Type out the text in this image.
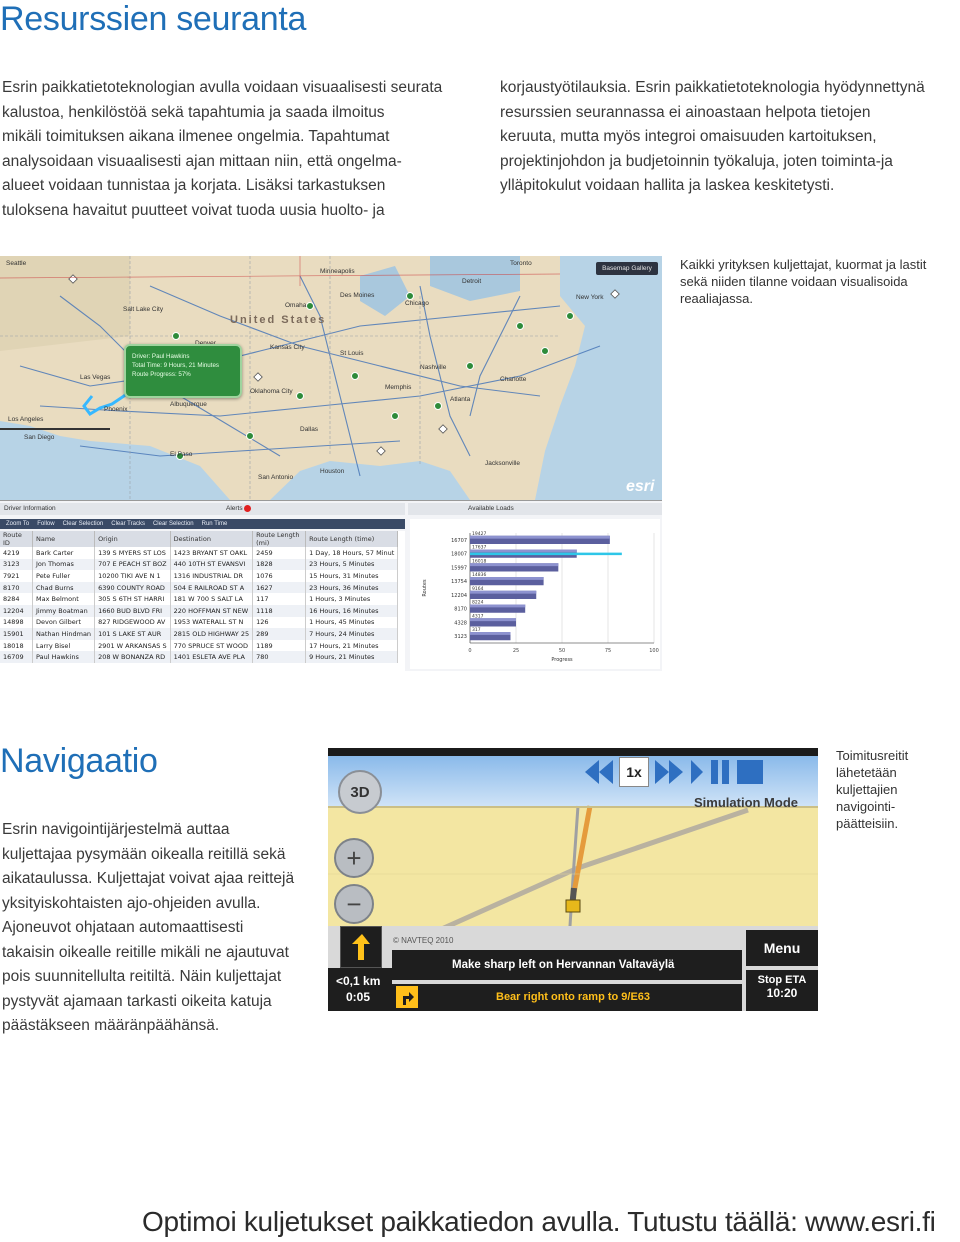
Resurssien seuranta
Esrin paikkatietoteknologian avulla voidaan visuaalisesti seurata
kalustoa, henkilöstöä sekä tapahtumia ja saada ilmoitus
mikäli toimituksen aikana ilmenee ongelmia. Tapahtumat
analysoidaan visuaalisesti ajan mittaan niin, että ongelma-
alueet voidaan tunnistaa ja korjata. Lisäksi tarkastuksen
tuloksena havaitut puutteet voivat tuoda uusia huolto- ja
korjaustyötilauksia. Esrin paikkatietoteknologia hyödynnettynä
resurssien seurannassa ei ainoastaan helpota tietojen
keruuta, mutta myös integroi omaisuuden kartoituksen,
projektinjohdon ja budjetoinnin työkaluja, joten toiminta-ja
ylläpitokulut voidaan hallita ja laskea keskitetysti.
Kaikki yrityksen kuljettajat, kuormat ja lastit sekä niiden tilanne voidaan visualisoida reaaliajassa.
United States
Seattle
Minneapolis
Toronto
Detroit
Chicago
Des Moines
Omaha
Salt Lake City
Las Vegas
Los Angeles
San Diego
Phoenix
Albuquerque
El Paso
Dallas
Houston
San Antonio
Memphis
Atlanta
Jacksonville
New York
Charlotte
St Louis
Kansas City
Oklahoma City
Nashville
Driver: Paul Hawkins
Total Time: 9 Hours, 21 Minutes
Route Progress: 57%
Basemap Gallery
esri
Driver Information	Alerts	Available Loads
Zoom To Follow Clear Selection Clear Tracks Clear Selection Run Time
Route ID	Name	Origin	Destination	Route Length (mi)	Route Length (time)
4219	Bark Carter	139 S MYERS ST LOS	1423 BRYANT ST OAKL	2459	1 Day, 18 Hours, 57 Minut
3123	Jon Thomas	707 E PEACH ST BOZ	440 10TH ST EVANSVI	1828	23 Hours, 5 Minutes
7921	Pete Fuller	10200 TIKI AVE N 1	1316 INDUSTRIAL DR	1076	15 Hours, 31 Minutes
8170	Chad Burns	6390 COUNTY ROAD	504 E RAILROAD ST A	1627	23 Hours, 36 Minutes
8284	Max Belmont	305 S 6TH ST HARRI	181 W 700 S SALT LA	117	1 Hours, 3 Minutes
12204	Jimmy Boatman	1660 BUD BLVD FRI	220 HOFFMAN ST NEW	1118	16 Hours, 16 Minutes
14898	Devon Gilbert	827 RIDGEWOOD AV	1953 WATERALL ST N	126	1 Hours, 45 Minutes
15901	Nathan Hindman	101 S LAKE ST AUR	2815 OLD HIGHWAY 25	289	7 Hours, 24 Minutes
18018	Larry Bisel	2901 W ARKANSAS S	770 SPRUCE ST WOOD	1189	17 Hours, 21 Minutes
16709	Paul Hawkins	208 W BONANZA RD	1401 ESLETA AVE PLA	780	9 Hours, 21 Minutes
0	25	50	75	100
16707
19427
18007
17637
15997
16018
13754
14836
12204
9164
8170
8224
4328
4317
3123
317
Progress
Routes
Navigaatio
Esrin navigointijärjestelmä auttaa
kuljettajaa pysymään oikealla reitillä sekä
aikataulussa. Kuljettajat voivat ajaa reittejä
yksityiskohtaisten ajo-ohjeiden avulla.
Ajoneuvot ohjataan automaattisesti
takaisin oikealle reitille mikäli ne ajautuvat
pois suunnitellulta reitiltä. Näin kuljettajat
pystyvät ajamaan tarkasti oikeita katuja
päästäkseen määränpäähänsä.
Toimitusreitit
lähetetään
kuljettajien
navigointi-
päätteisiin.
3D
+
−
1x
Simulation Mode
© NAVTEQ 2010
<0,1 km
0:05
Make sharp left on Hervannan Valtaväylä
Bear right onto ramp to 9/E63
Menu
Stop ETA
10:20
Optimoi kuljetukset paikkatiedon avulla. Tutustu täällä: www.esri.fi
